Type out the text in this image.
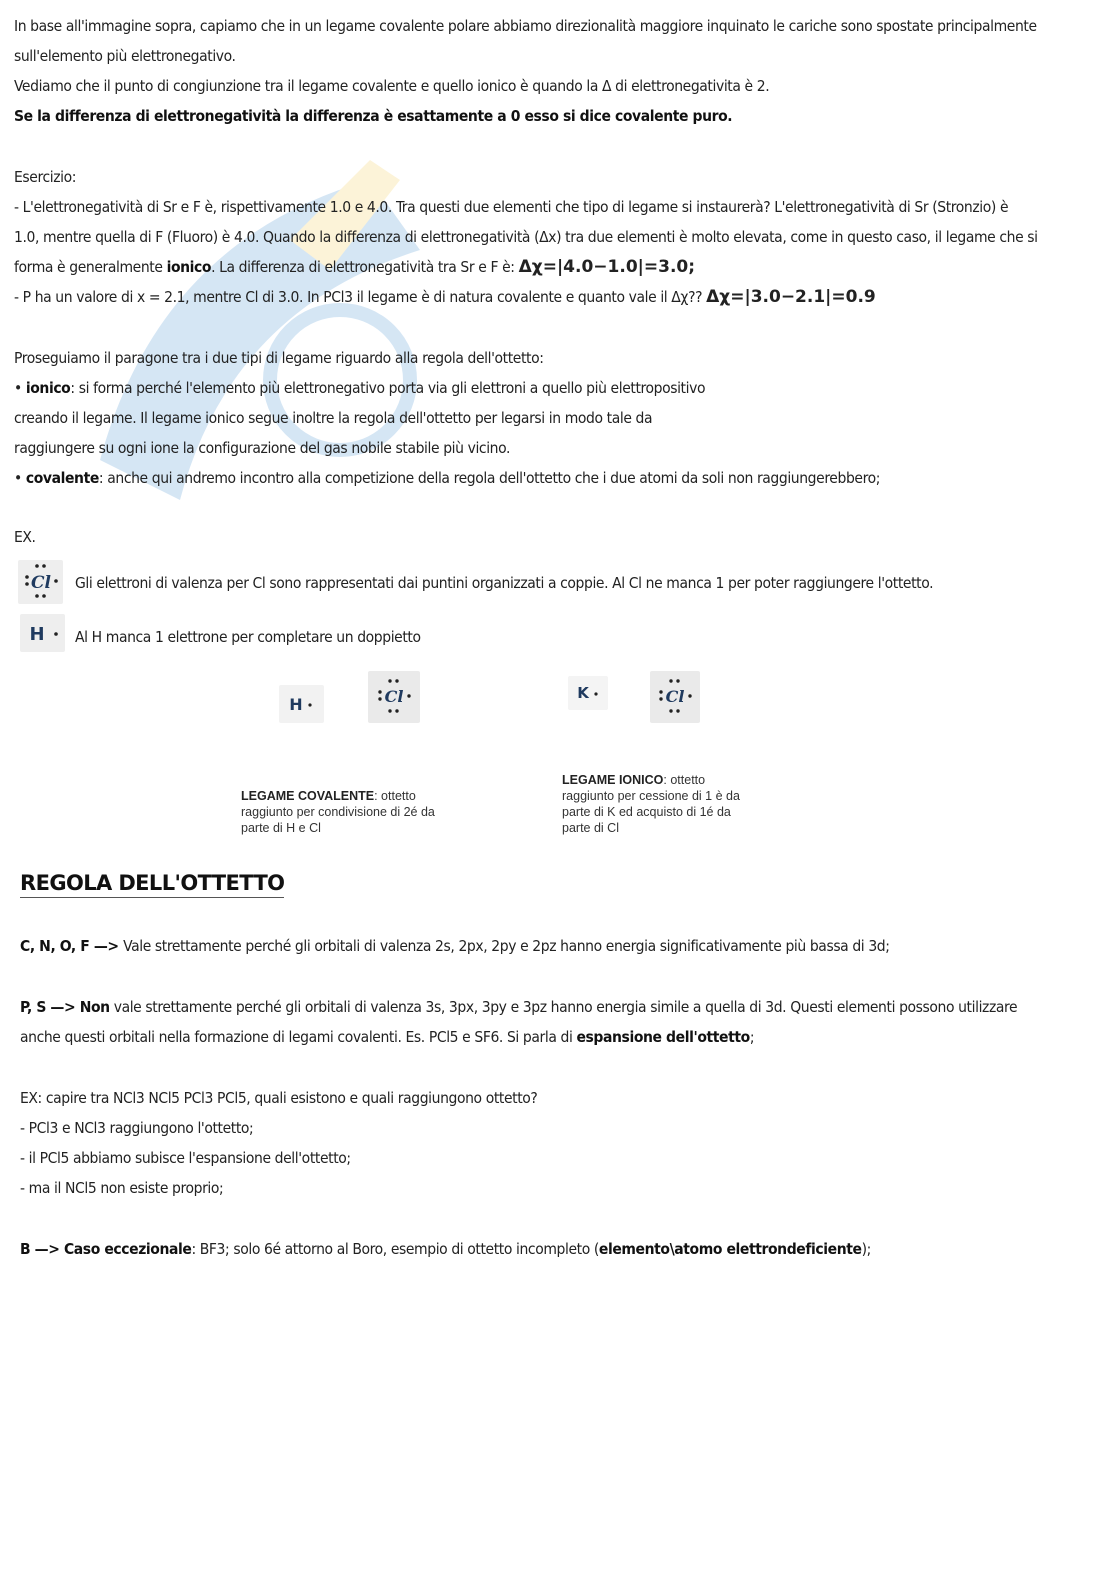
In base all'immagine sopra, capiamo che in un legame covalente polare abbiamo direzionalità maggiore inquinato le cariche sono spostate principalmente
sull'elemento più elettronegativo.
Vediamo che il punto di congiunzione tra il legame covalente e quello ionico è quando la Δ di elettronegativita è 2.
Se la differenza di elettronegatività la differenza è esattamente a 0 esso si dice covalente puro.
Esercizio:
- L'elettronegatività di Sr e F è, rispettivamente 1.0 e 4.0. Tra questi due elementi che tipo di legame si instaurerà? L'elettronegatività di Sr (Stronzio) è
1.0, mentre quella di F (Fluoro) è 4.0. Quando la differenza di elettronegatività (Δx) tra due elementi è molto elevata, come in questo caso, il legame che si
forma è generalmente ionico. La differenza di elettronegatività tra Sr e F è: Δχ=|4.0−1.0|=3.0;
- P ha un valore di x = 2.1, mentre Cl di 3.0. In PCl3 il legame è di natura covalente e quanto vale il Δχ?? Δχ=|3.0−2.1|=0.9
Proseguiamo il paragone tra i due tipi di legame riguardo alla regola dell'ottetto:
• ionico: si forma perché l'elemento più elettronegativo porta via gli elettroni a quello più elettropositivo
creando il legame. Il legame ionico segue inoltre la regola dell'ottetto per legarsi in modo tale da
raggiungere su ogni ione la configurazione del gas nobile stabile più vicino.
• covalente: anche qui andremo incontro alla competizione della regola dell'ottetto che i due atomi da soli non raggiungerebbero;
EX.
Cl Gli elettroni di valenza per Cl sono rappresentati dai puntini organizzati a coppie. Al Cl ne manca 1 per poter raggiungere l'ottetto.
H Al H manca 1 elettrone per completare un doppietto
H	Cl	K	Cl
LEGAME COVALENTE: ottetto
raggiunto per condivisione di 2é da
parte di H e Cl
LEGAME IONICO: ottetto
raggiunto per cessione di 1 è da
parte di K ed acquisto di 1é da
parte di Cl
REGOLA DELL'OTTETTO
C, N, O, F —> Vale strettamente perché gli orbitali di valenza 2s, 2px, 2py e 2pz hanno energia significativamente più bassa di 3d;
P, S —> Non vale strettamente perché gli orbitali di valenza 3s, 3px, 3py e 3pz hanno energia simile a quella di 3d. Questi elementi possono utilizzare
anche questi orbitali nella formazione di legami covalenti. Es. PCl5 e SF6. Si parla di espansione dell'ottetto;
EX: capire tra NCl3 NCl5 PCl3 PCl5, quali esistono e quali raggiungono ottetto?
- PCl3 e NCl3 raggiungono l'ottetto;
- il PCl5 abbiamo subisce l'espansione dell'ottetto;
- ma il NCl5 non esiste proprio;
B —> Caso eccezionale: BF3; solo 6é attorno al Boro, esempio di ottetto incompleto (elemento\atomo elettrondeficiente);
